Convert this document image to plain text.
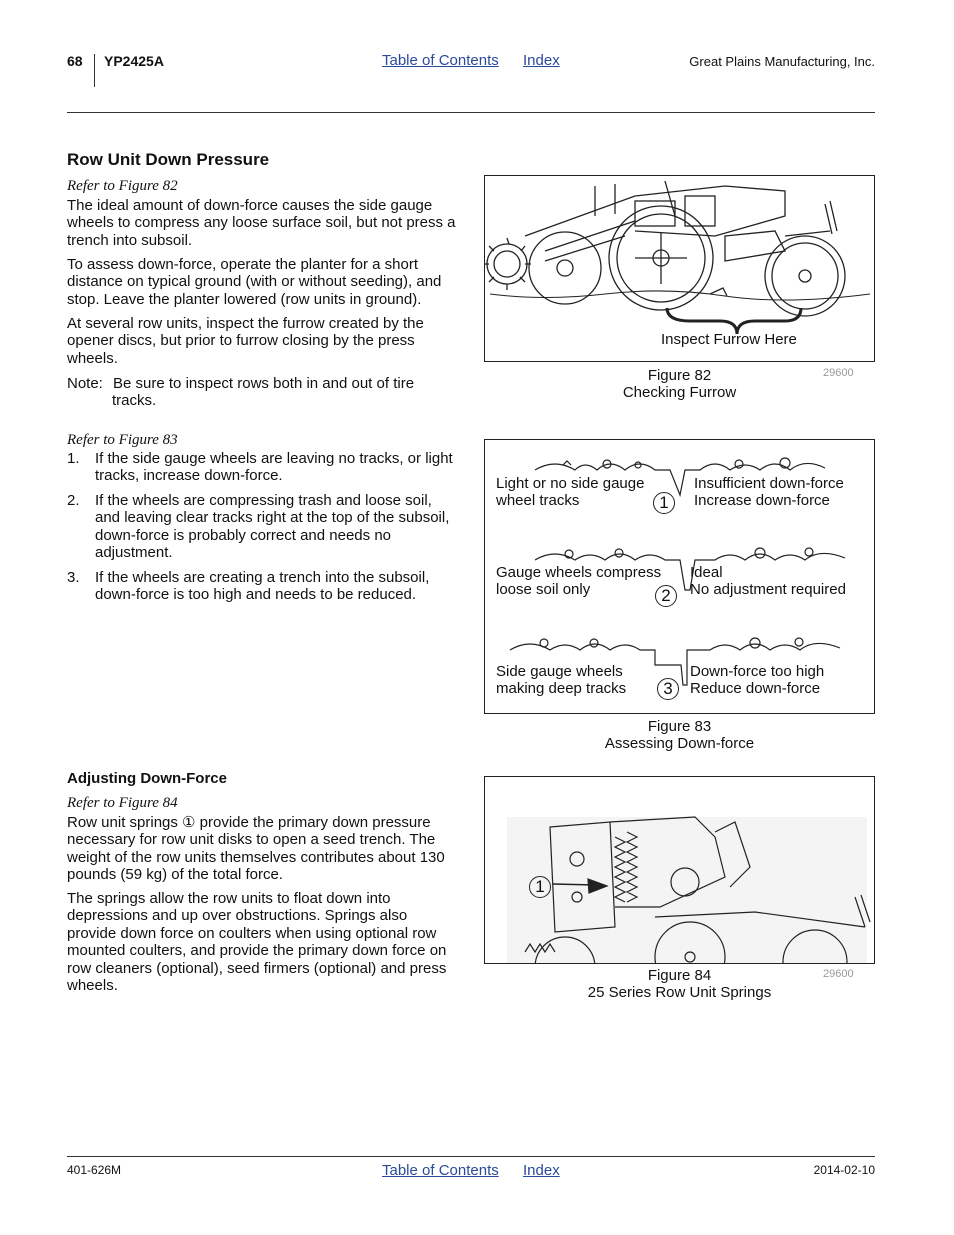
68 YP2425A	Table of Contents Index	Great Plains Manufacturing, Inc.
Row Unit Down Pressure
Refer to Figure 82
The ideal amount of down-force causes the side gauge wheels to compress any loose surface soil, but not press a trench into subsoil.
To assess down-force, operate the planter for a short distance on typical ground (with or without seeding), and stop. Leave the planter lowered (row units in ground).
At several row units, inspect the furrow created by the opener discs, but prior to furrow closing by the press wheels.
Note: Be sure to inspect rows both in and out of tire
tracks.
Refer to Figure 83
1. If the side gauge wheels are leaving no tracks, or light tracks, increase down-force.
2. If the wheels are compressing trash and loose soil, and leaving clear tracks right at the top of the subsoil, down-force is probably correct and needs no adjustment.
3. If the wheels are creating a trench into the subsoil, down-force is too high and needs to be reduced.
Adjusting Down-Force
Refer to Figure 84
Row unit springs ① provide the primary down pressure necessary for row unit disks to open a seed trench. The weight of the row units themselves contributes about 130 pounds (59 kg) of the total force.
The springs allow the row units to float down into depressions and up over obstructions. Springs also provide down force on coulters when using optional row mounted coulters, and provide the primary down force on row cleaners (optional), seed firmers (optional) and press wheels.
Inspect Furrow Here
Figure 82
Checking Furrow
29600
Light or no side gauge
wheel tracks
Insufficient down-force
Increase down-force
1
Gauge wheels compress
loose soil only
Ideal
No adjustment required
2
Side gauge wheels
making deep tracks
Down-force too high
Reduce down-force
3
Figure 83
Assessing Down-force
1
Figure 84
25 Series Row Unit Springs
29600
401-626M	Table of Contents Index	2014-02-10
